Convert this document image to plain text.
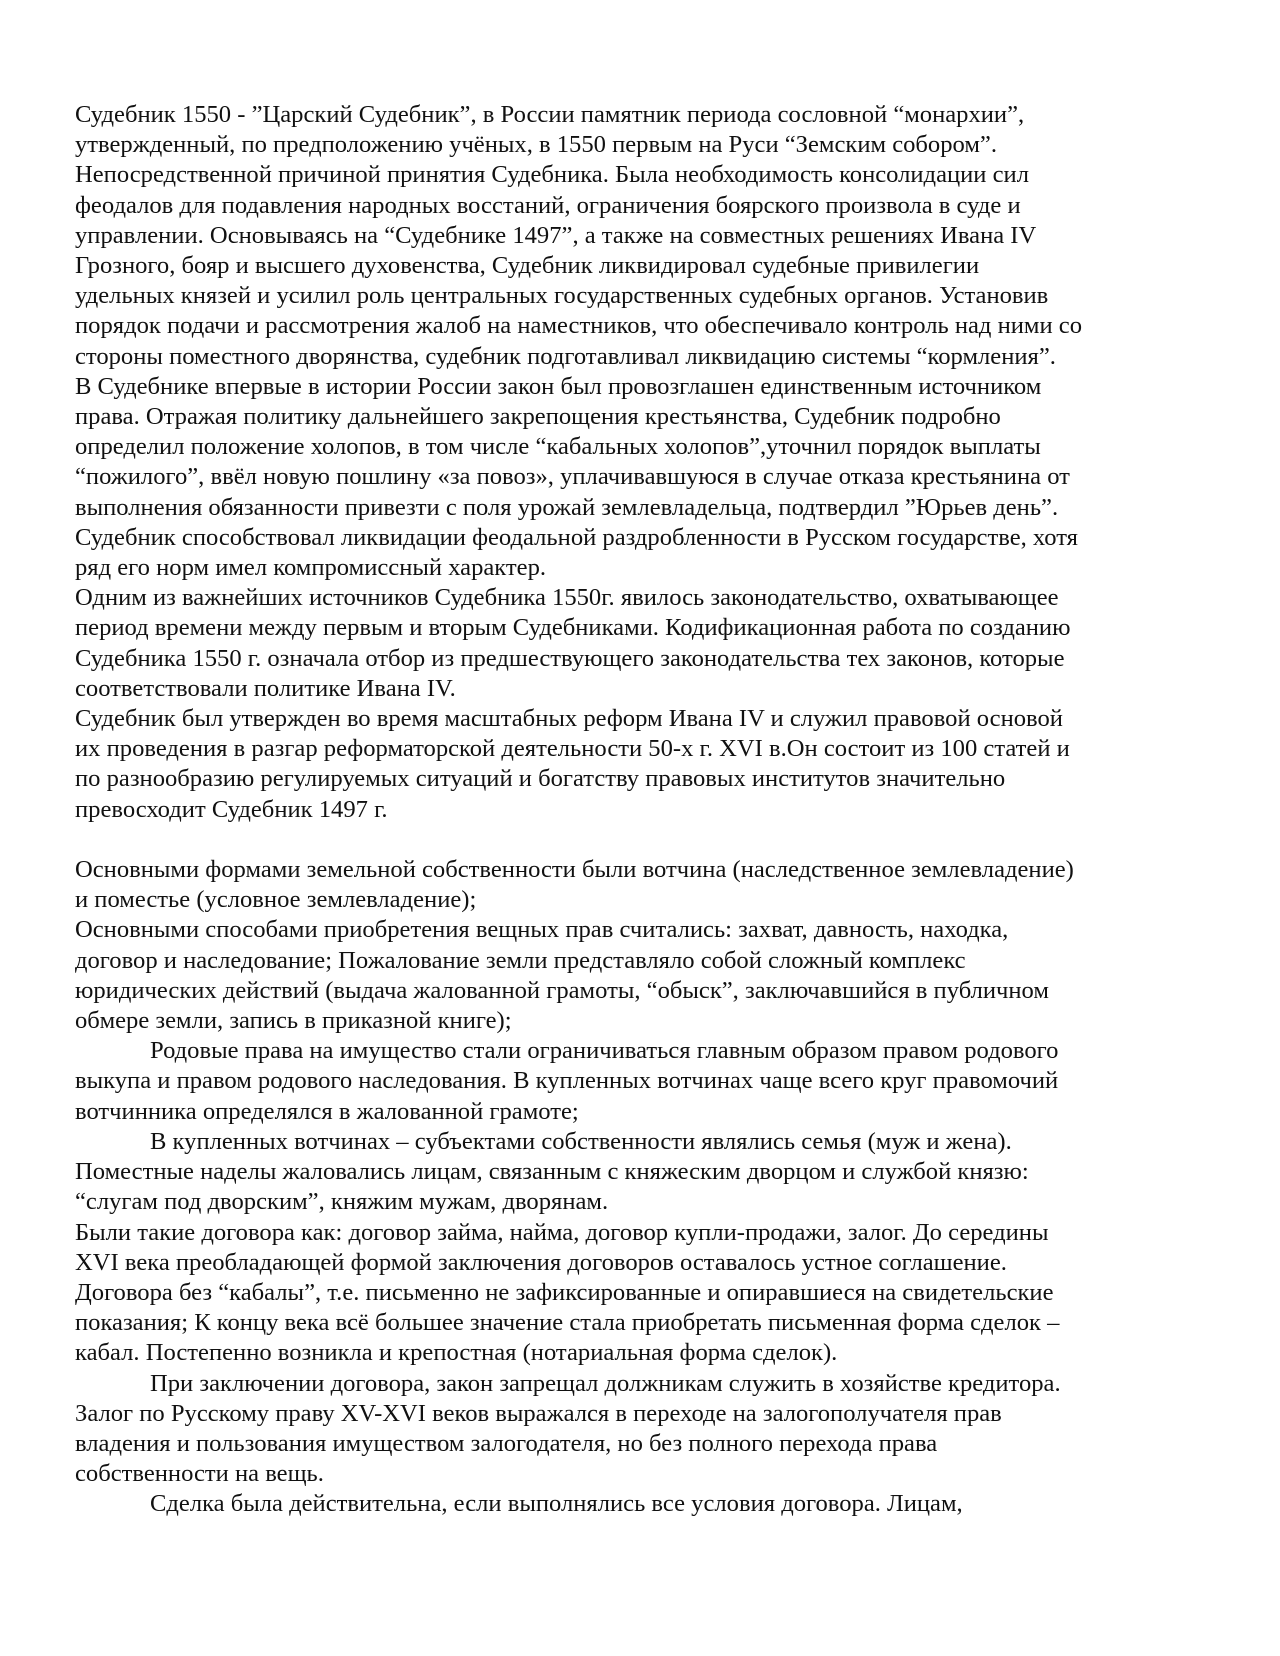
Судебник 1550 - ”Царский Судебник”, в России памятник периода сословной “монархии”,
утвержденный, по предположению учёных, в 1550 первым на Руси “Земским собором”.
Непосредственной причиной принятия Судебника. Была необходимость консолидации сил
феодалов для подавления народных восстаний, ограничения боярского произвола в суде и
управлении. Основываясь на “Судебнике 1497”, а также на совместных решениях Ивана IV
Грозного, бояр и высшего духовенства, Судебник ликвидировал судебные привилегии
удельных князей и усилил роль центральных государственных судебных органов. Установив
порядок подачи и рассмотрения жалоб на наместников, что обеспечивало контроль над ними со
стороны поместного дворянства, судебник подготавливал ликвидацию системы “кормления”.

В Судебнике впервые в истории России закон был провозглашен единственным источником
права. Отражая политику дальнейшего закрепощения крестьянства, Судебник подробно
определил положение холопов, в том числе “кабальных холопов”,уточнил порядок выплаты
“пожилого”, ввёл новую пошлину «за повоз», уплачивавшуюся в случае отказа крестьянина от
выполнения обязанности привезти с поля урожай землевладельца, подтвердил ”Юрьев день”.
Судебник способствовал ликвидации феодальной раздробленности в Русском государстве, хотя
ряд его норм имел компромиссный характер.

Одним из важнейших источников Судебника 1550г. явилось законодательство, охватывающее
период времени между первым и вторым Судебниками. Кодификационная работа по созданию
Судебника 1550 г. означала отбор из предшествующего законодательства тех законов, которые
соответствовали политике Ивана IV.

Судебник был утвержден во время масштабных реформ Ивана IV и служил правовой основой
их проведения в разгар реформаторской деятельности 50-х г. XVI в.Он состоит из 100 статей и
по разнообразию регулируемых ситуаций и богатству правовых институтов значительно
превосходит Судебник 1497 г.

Основными формами земельной собственности были вотчина (наследственное землевладение)
и поместье (условное землевладение);

Основными способами приобретения вещных прав считались: захват, давность, находка,
договор и наследование; Пожалование земли представляло собой сложный комплекс
юридических действий (выдача жалованной грамоты, “обыск”, заключавшийся в публичном
обмере земли, запись в приказной книге);

Родовые права на имущество стали ограничиваться главным образом правом родового
выкупа и правом родового наследования. В купленных вотчинах чаще всего круг правомочий
вотчинника определялся в жалованной грамоте;

В купленных вотчинах – субъектами собственности являлись семья (муж и жена).
Поместные наделы жаловались лицам, связанным с княжеским дворцом и службой князю:
“слугам под дворским”, княжим мужам, дворянам.

Были такие договора как: договор займа, найма, договор купли-продажи, залог. До середины
XVI века преобладающей формой заключения договоров оставалось устное соглашение.
Договора без “кабалы”, т.е. письменно не зафиксированные и опиравшиеся на свидетельские
показания; К концу века всё большее значение стала приобретать письменная форма сделок –
кабал. Постепенно возникла и крепостная (нотариальная форма сделок).

При заключении договора, закон запрещал должникам служить в хозяйстве кредитора.
Залог по Русскому праву XV-XVI веков выражался в переходе на залогополучателя прав
владения и пользования имуществом залогодателя, но без полного перехода права
собственности на вещь.

Сделка была действительна, если выполнялись все условия договора. Лицам,
